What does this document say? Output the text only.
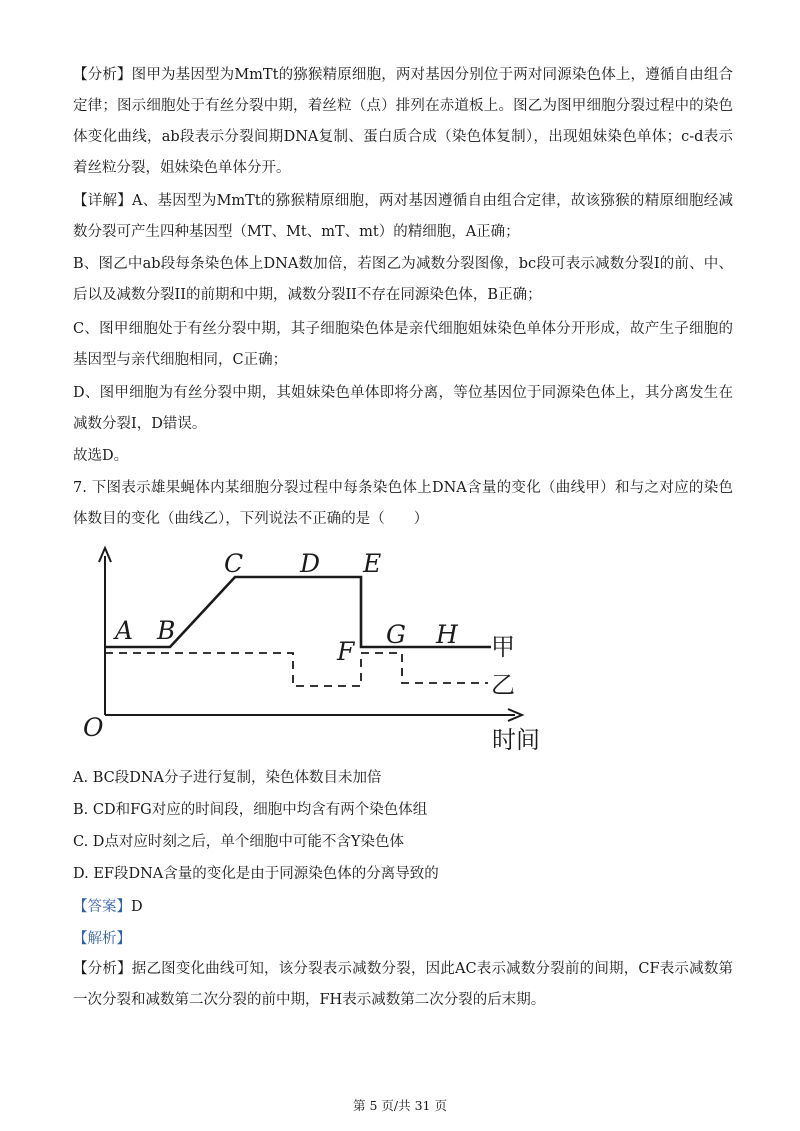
【分析】图甲为基因型为MmTt的猕猴精原细胞，两对基因分别位于两对同源染色体上，遵循自由组合定律；图示细胞处于有丝分裂中期，着丝粒（点）排列在赤道板上。图乙为图甲细胞分裂过程中的染色体变化曲线，ab段表示分裂间期DNA复制、蛋白质合成（染色体复制），出现姐妹染色单体；c-d表示着丝粒分裂，姐妹染色单体分开。

【详解】A、基因型为MmTt的猕猴精原细胞，两对基因遵循自由组合定律，故该猕猴的精原细胞经减数分裂可产生四种基因型（MT、Mt、mT、mt）的精细胞，A正确；

B、图乙中ab段每条染色体上DNA数加倍，若图乙为减数分裂图像，bc段可表示减数分裂I的前、中、后以及减数分裂II的前期和中期，减数分裂II不存在同源染色体，B正确；

C、图甲细胞处于有丝分裂中期，其子细胞染色体是亲代细胞姐妹染色单体分开形成，故产生子细胞的基因型与亲代细胞相同，C正确；

D、图甲细胞为有丝分裂中期，其姐妹染色单体即将分离，等位基因位于同源染色体上，其分离发生在减数分裂I，D错误。

故选D。

7. 下图表示雄果蝇体内某细胞分裂过程中每条染色体上DNA含量的变化（曲线甲）和与之对应的染色体数目的变化（曲线乙），下列说法不正确的是（　　）

A B
C D E
F
G H
O
甲
乙
时间

A. BC段DNA分子进行复制，染色体数目未加倍

B. CD和FG对应的时间段，细胞中均含有两个染色体组

C. D点对应时刻之后，单个细胞中可能不含Y染色体

D. EF段DNA含量的变化是由于同源染色体的分离导致的

【答案】D

【解析】

【分析】据乙图变化曲线可知，该分裂表示减数分裂，因此AC表示减数分裂前的间期，CF表示减数第一次分裂和减数第二次分裂的前中期，FH表示减数第二次分裂的后末期。

第 5 页/共 31 页
